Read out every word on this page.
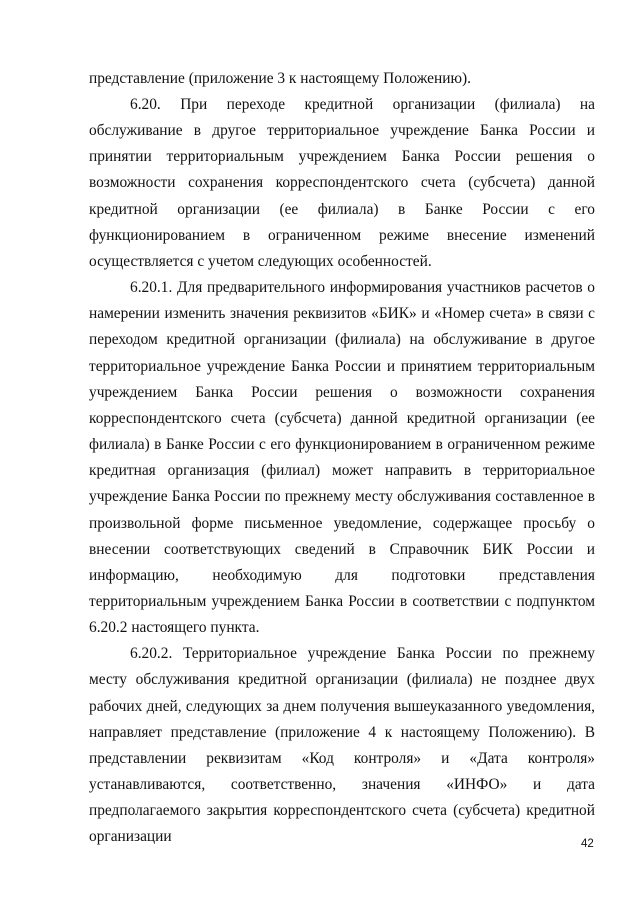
представление (приложение 3 к настоящему Положению).

6.20. При переходе кредитной организации (филиала) на обслуживание в другое территориальное учреждение Банка России и принятии территориальным учреждением Банка России решения о возможности сохранения корреспондентского счета (субсчета) данной кредитной организации (ее филиала) в Банке России с его функционированием в ограниченном режиме внесение изменений осуществляется с учетом следующих особенностей.

6.20.1. Для предварительного информирования участников расчетов о намерении изменить значения реквизитов «БИК» и «Номер счета» в связи с переходом кредитной организации (филиала) на обслуживание в другое территориальное учреждение Банка России и принятием территориальным учреждением Банка России решения о возможности сохранения корреспондентского счета (субсчета) данной кредитной организации (ее филиала) в Банке России с его функционированием в ограниченном режиме кредитная организация (филиал) может направить в территориальное учреждение Банка России по прежнему месту обслуживания составленное в произвольной форме письменное уведомление, содержащее просьбу о внесении соответствующих сведений в Справочник БИК России и информацию, необходимую для подготовки представления территориальным учреждением Банка России в соответствии с подпунктом 6.20.2 настоящего пункта.

6.20.2. Территориальное учреждение Банка России по прежнему месту обслуживания кредитной организации (филиала) не позднее двух рабочих дней, следующих за днем получения вышеуказанного уведомления, направляет представление (приложение 4 к настоящему Положению). В представлении реквизитам «Код контроля» и «Дата контроля» устанавливаются, соответственно, значения «ИНФО» и дата предполагаемого закрытия корреспондентского счета (субсчета) кредитной организации	42
